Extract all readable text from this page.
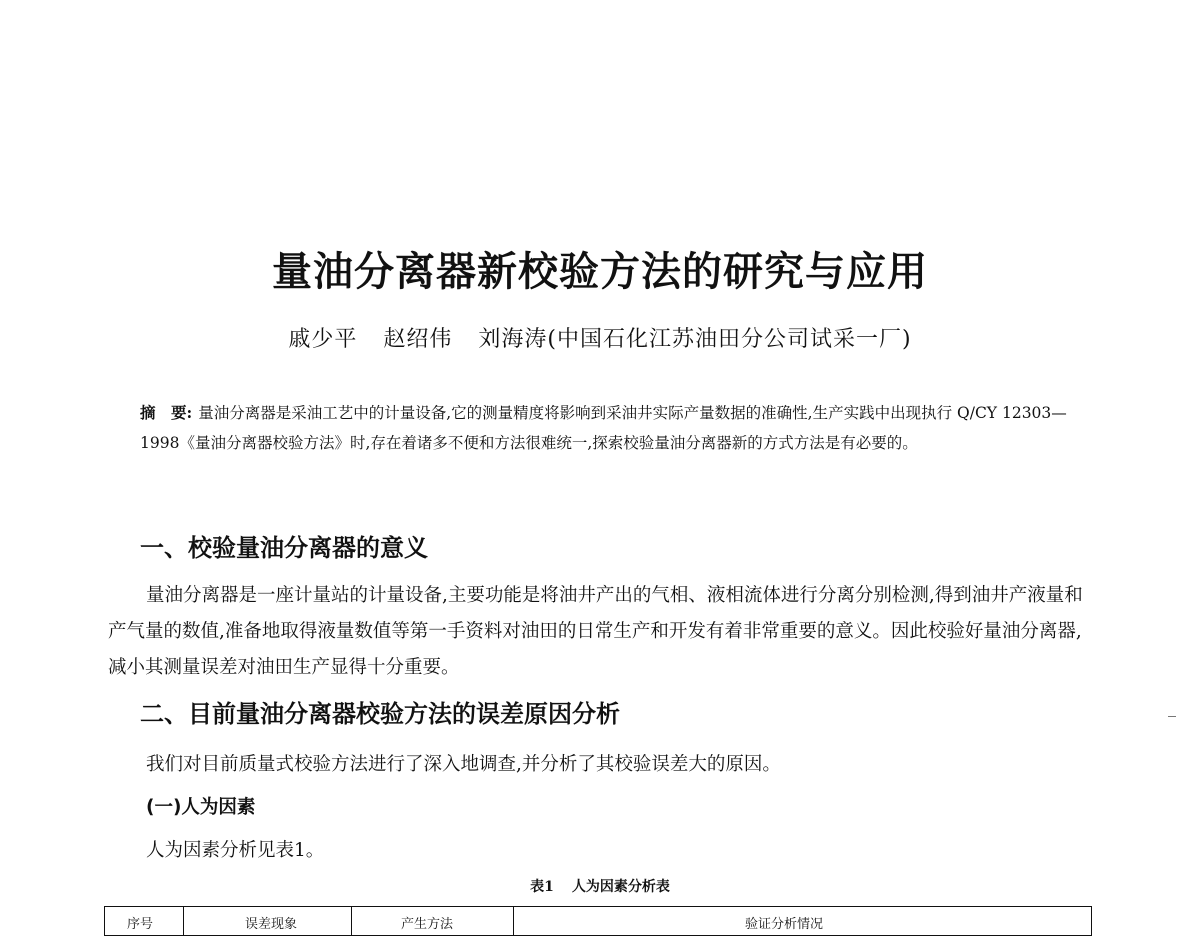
量油分离器新校验方法的研究与应用
戚少平 赵绍伟 刘海涛(中国石化江苏油田分公司试采一厂)
摘　要: 量油分离器是采油工艺中的计量设备,它的测量精度将影响到采油井实际产量数据的准确性,生产实践中出现执行 Q/CY 12303—1998《量油分离器校验方法》时,存在着诸多不便和方法很难统一,探索校验量油分离器新的方式方法是有必要的。
一、校验量油分离器的意义
量油分离器是一座计量站的计量设备,主要功能是将油井产出的气相、液相流体进行分离分别检测,得到油井产液量和产气量的数值,准备地取得液量数值等第一手资料对油田的日常生产和开发有着非常重要的意义。因此校验好量油分离器,减小其测量误差对油田生产显得十分重要。
二、目前量油分离器校验方法的误差原因分析
我们对目前质量式校验方法进行了深入地调查,并分析了其校验误差大的原因。
(一)人为因素
人为因素分析见表1。
表1 人为因素分析表
序号	误差现象	产生方法	验证分析情况
